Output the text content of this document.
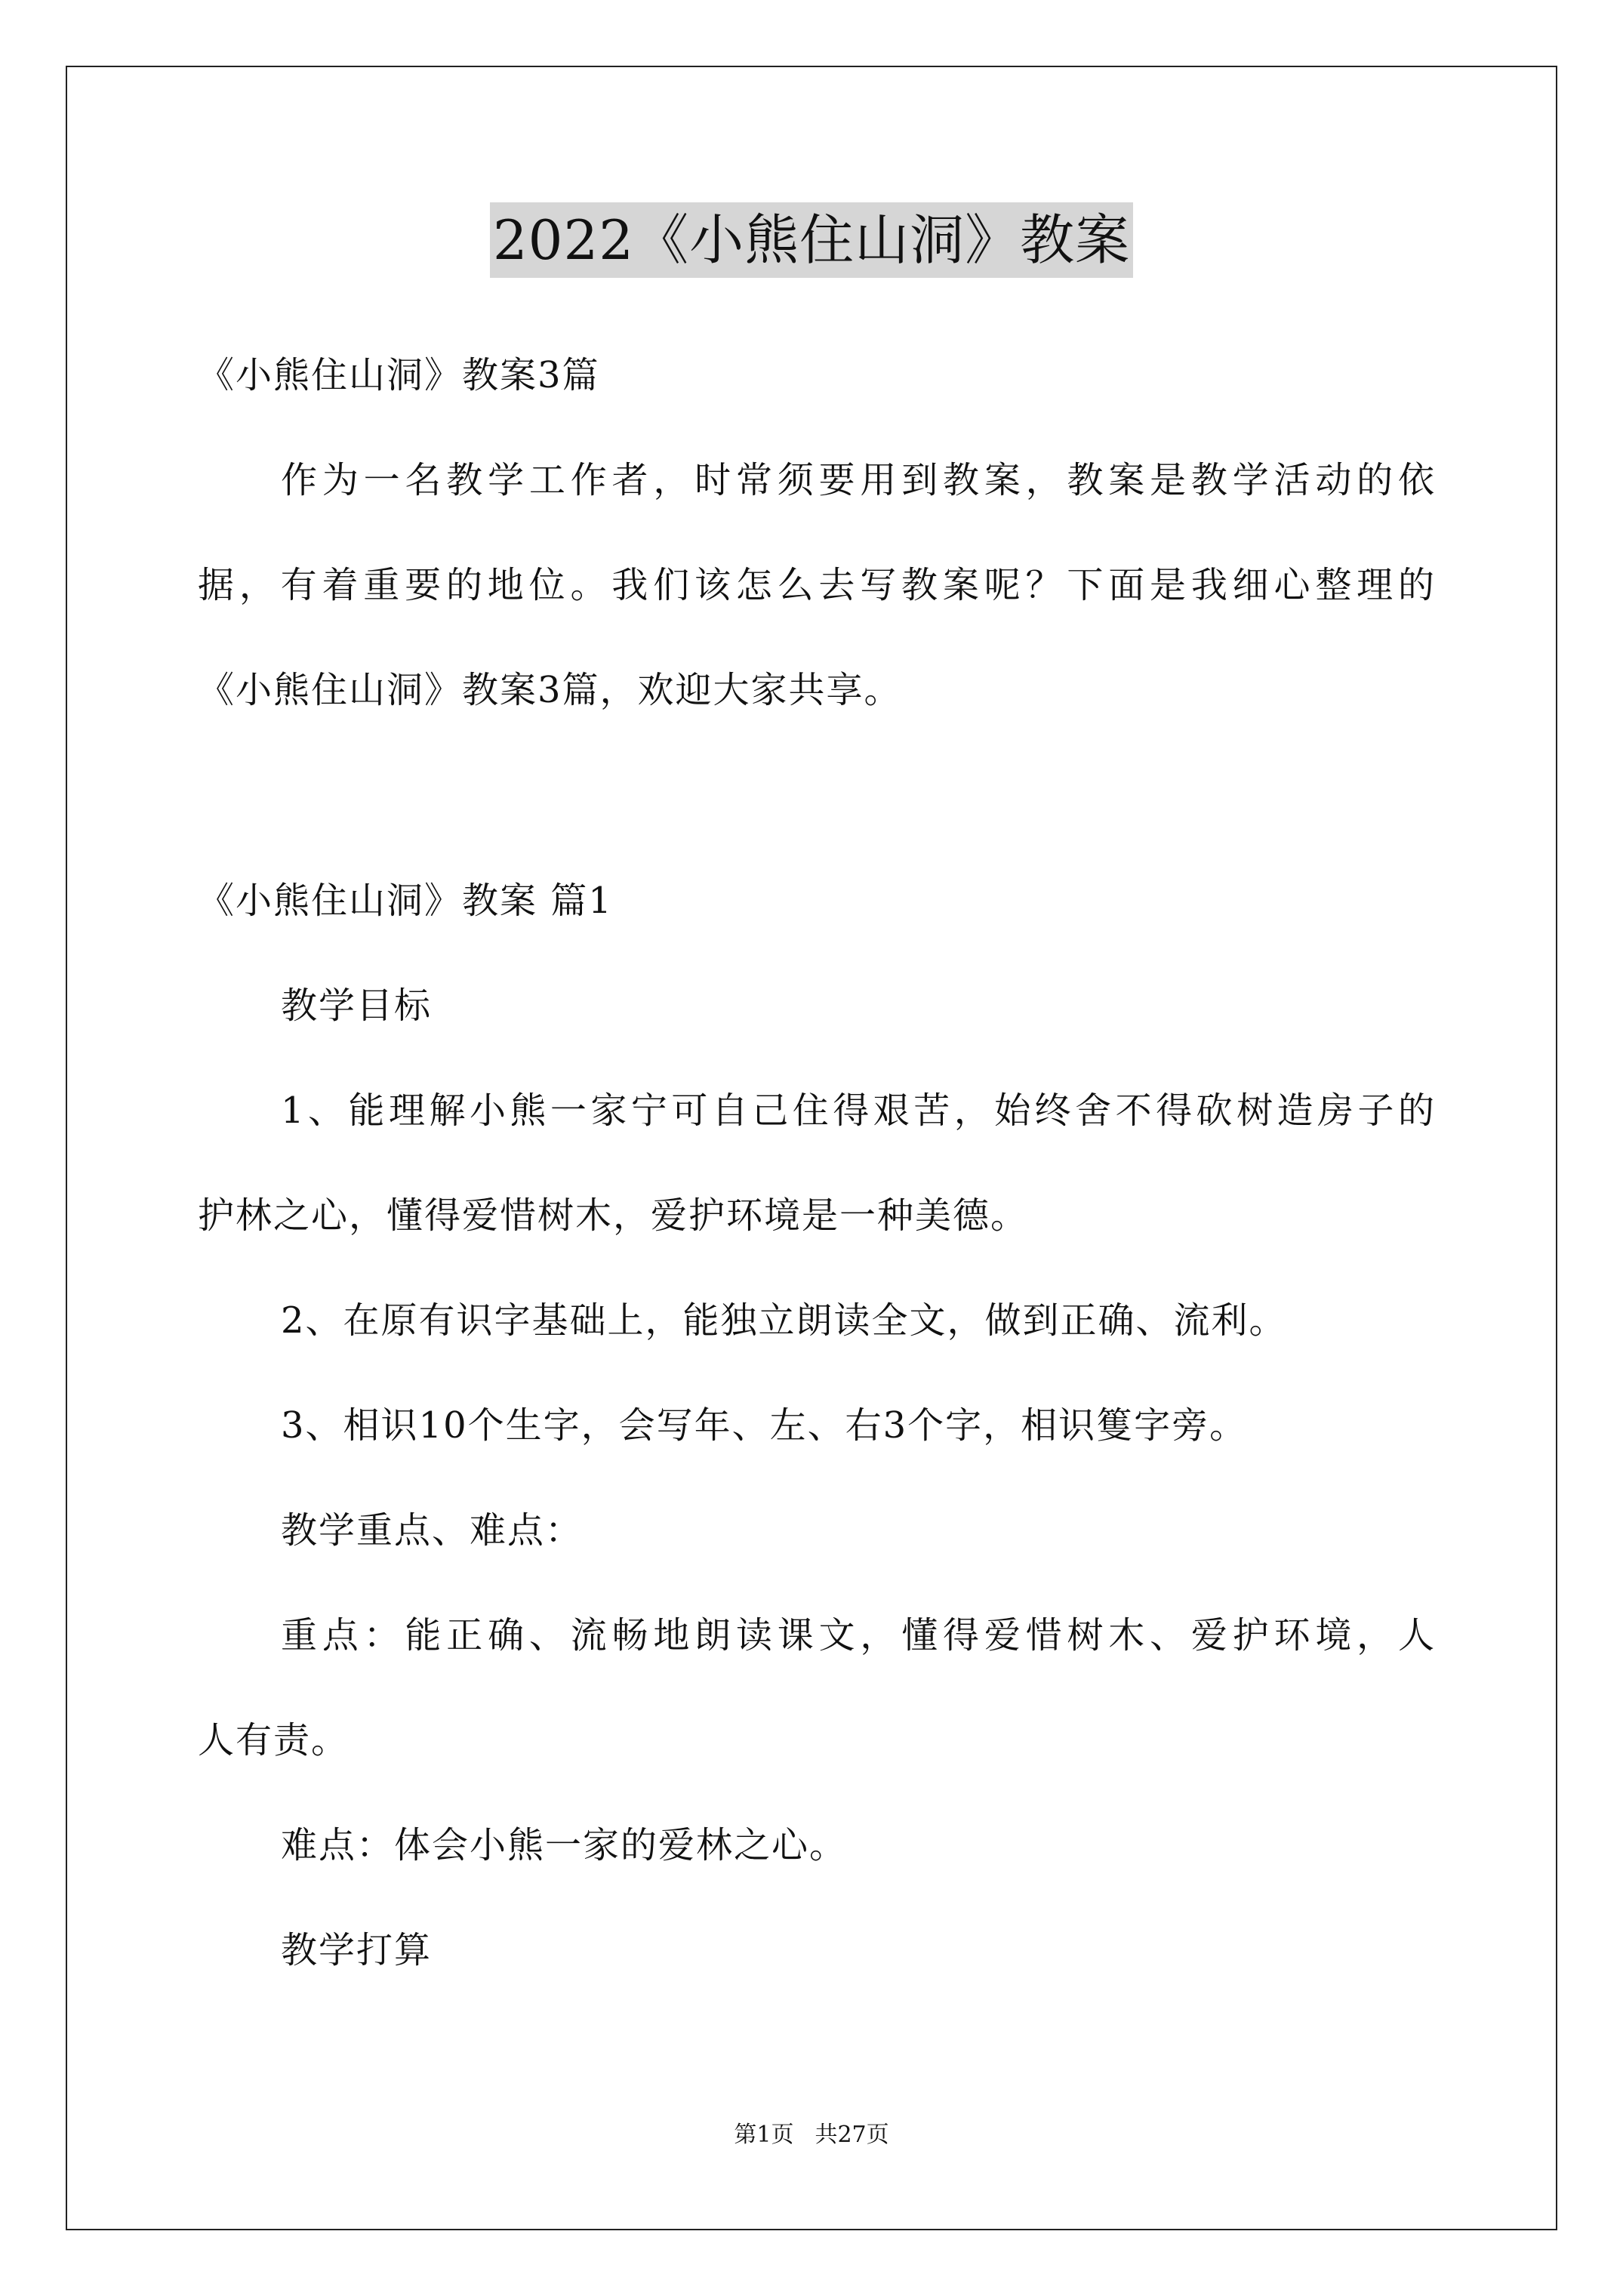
2022《小熊住山洞》教案
《小熊住山洞》教案3篇
作为一名教学工作者，时常须要用到教案，教案是教学活动的依
据，有着重要的地位。我们该怎么去写教案呢？下面是我细心整理的
《小熊住山洞》教案3篇，欢迎大家共享。
《小熊住山洞》教案 篇1
教学目标
1、能理解小熊一家宁可自己住得艰苦，始终舍不得砍树造房子的
护林之心，懂得爱惜树木，爱护环境是一种美德。
2、在原有识字基础上，能独立朗读全文，做到正确、流利。
3、相识10个生字，会写年、左、右3个字，相识篗字旁。
教学重点、难点：
重点：能正确、流畅地朗读课文，懂得爱惜树木、爱护环境，人
人有责。
难点：体会小熊一家的爱林之心。
教学打算
第1页 共27页
